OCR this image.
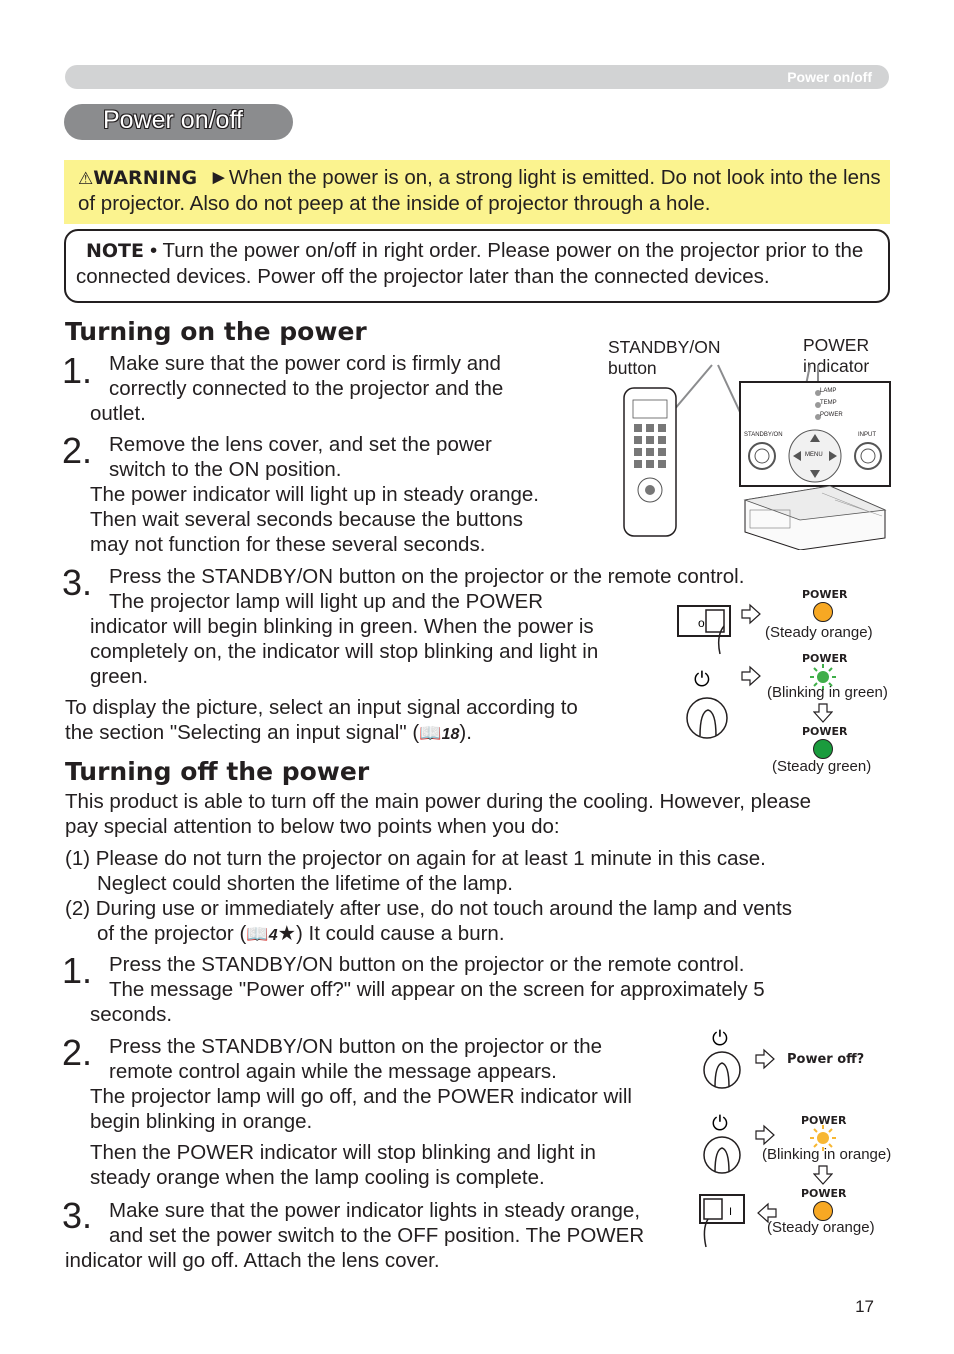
Power on/off
Power on/off
⚠WARNING ►When the power is on, a strong light is emitted. Do not look into the lens of projector. Also do not peep at the inside of projector through a hole.
NOTE • Turn the power on/off in right order. Please power on the projector prior to the connected devices. Power off the projector later than the connected devices.
Turning on the power
1. Make sure that the power cord is firmly and
correctly connected to the projector and the
outlet.
2. Remove the lens cover, and set the power
switch to the ON position.
The power indicator will light up in steady orange.
Then wait several seconds because the buttons
may not function for these several seconds.
3. Press the STANDBY/ON button on the projector or the remote control.
The projector lamp will light up and the POWER
indicator will begin blinking in green. When the power is
completely on, the indicator will stop blinking and light in
green.
To display the picture, select an input signal according to
the section "Selecting an input signal" (📖18).
STANDBY/ON
button
POWER
indicator
LAMP
TEMP
POWER
STANDBY/ON	INPUT
MENU
o
⏻
POWER
(Steady orange)
POWER
(Blinking in green)
POWER
(Steady green)
Turning off the power
This product is able to turn off the main power during the cooling. However, please
pay special attention to below two points when you do:
(1) Please do not turn the projector on again for at least 1 minute in this case.
Neglect could shorten the lifetime of the lamp.
(2) During use or immediately after use, do not touch around the lamp and vents
of the projector (📖4★) It could cause a burn.
1. Press the STANDBY/ON button on the projector or the remote control.
The message "Power off?" will appear on the screen for approximately 5
seconds.
2. Press the STANDBY/ON button on the projector or the
remote control again while the message appears.
The projector lamp will go off, and the POWER indicator will
begin blinking in orange.
Then the POWER indicator will stop blinking and light in
steady orange when the lamp cooling is complete.
3. Make sure that the power indicator lights in steady orange,
and set the power switch to the OFF position. The POWER
indicator will go off. Attach the lens cover.
⏻
⏻
I
Power off?
POWER
(Blinking in orange)
POWER
(Steady orange)
17
